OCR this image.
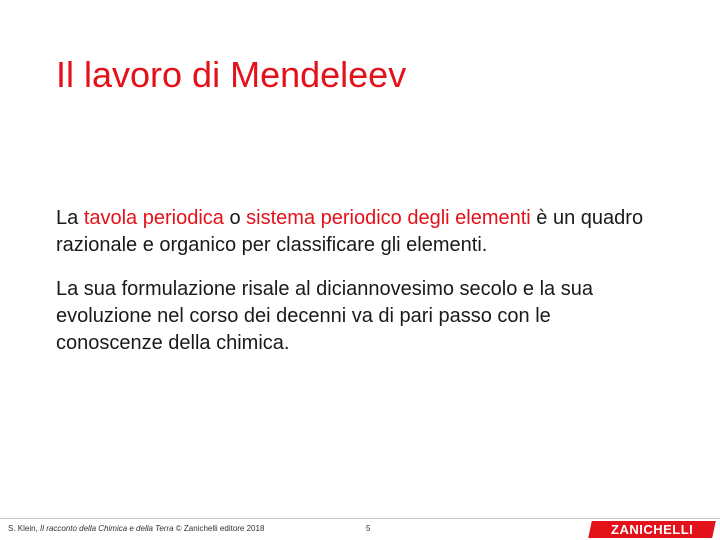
Il lavoro di Mendeleev

La tavola periodica o sistema periodico degli elementi è un quadro razionale e organico per classificare gli elementi.

La sua formulazione risale al diciannovesimo secolo e la sua evoluzione nel corso dei decenni va di pari passo con le conoscenze della chimica.

S. Klein, Il racconto della Chimica e della Terra © Zanichelli editore 2018	5	ZANICHELLI
